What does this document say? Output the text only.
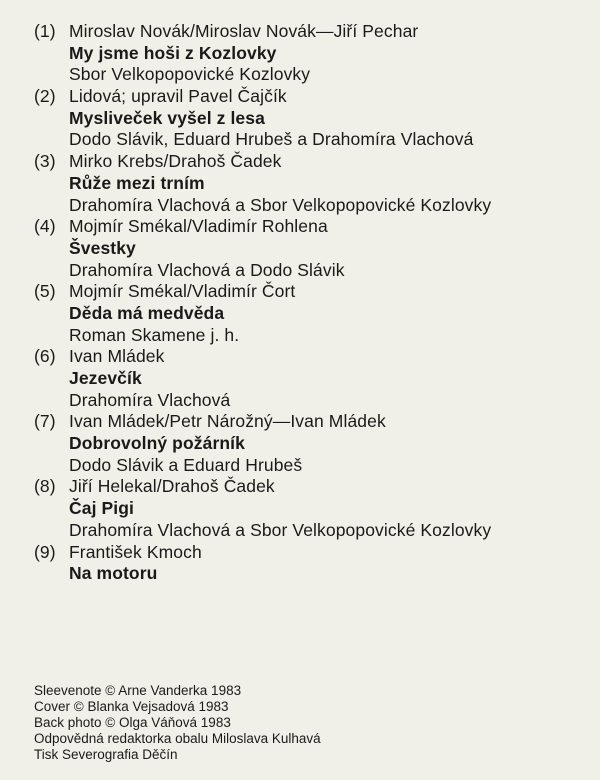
(1) Miroslav Novák/Miroslav Novák—Jiří Pechar
My jsme hoši z Kozlovky
Sbor Velkopopovické Kozlovky
(2) Lidová; upravil Pavel Čajčík
Mysliveček vyšel z lesa
Dodo Slávik, Eduard Hrubeš a Drahomíra Vlachová
(3) Mirko Krebs/Drahoš Čadek
Růže mezi trním
Drahomíra Vlachová a Sbor Velkopopovické Kozlovky
(4) Mojmír Smékal/Vladimír Rohlena
Švestky
Drahomíra Vlachová a Dodo Slávik
(5) Mojmír Smékal/Vladimír Čort
Děda má medvěda
Roman Skamene j. h.
(6) Ivan Mládek
Jezevčík
Drahomíra Vlachová
(7) Ivan Mládek/Petr Nárožný—Ivan Mládek
Dobrovolný požárník
Dodo Slávik a Eduard Hrubeš
(8) Jiří Helekal/Drahoš Čadek
Čaj Pigi
Drahomíra Vlachová a Sbor Velkopopovické Kozlovky
(9) František Kmoch
Na motoru
Sleevenote © Arne Vanderka 1983
Cover © Blanka Vejsadová 1983
Back photo © Olga Váňová 1983
Odpovědná redaktorka obalu Miloslava Kulhavá
Tisk Severografia Děčín
